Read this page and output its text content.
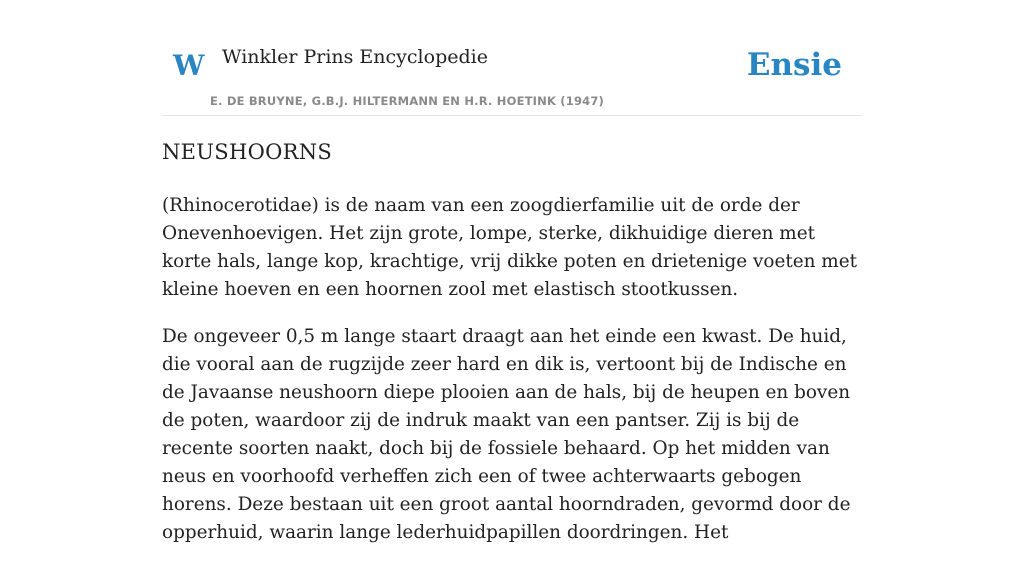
W Winkler Prins Encyclopedie
E. DE BRUYNE, G.B.J. HILTERMANN EN H.R. HOETINK (1947)
Ensie
NEUSHOORNS

(Rhinocerotidae) is de naam van een zoogdierfamilie uit de orde der Onevenhoevigen. Het zijn grote, lompe, sterke, dikhuidige dieren met korte hals, lange kop, krachtige, vrij dikke poten en drietenige voeten met kleine hoeven en een hoornen zool met elastisch stootkussen.

De ongeveer 0,5 m lange staart draagt aan het einde een kwast. De huid, die vooral aan de rugzijde zeer hard en dik is, vertoont bij de Indische en de Javaanse neushoorn diepe plooien aan de hals, bij de heupen en boven de poten, waardoor zij de indruk maakt van een pantser. Zij is bij de recente soorten naakt, doch bij de fossiele behaard. Op het midden van neus en voorhoofd verheffen zich een of twee achterwaarts gebogen horens. Deze bestaan uit een groot aantal hoorndraden, gevormd door de opperhuid, waarin lange lederhuidpapillen doordringen. Het
